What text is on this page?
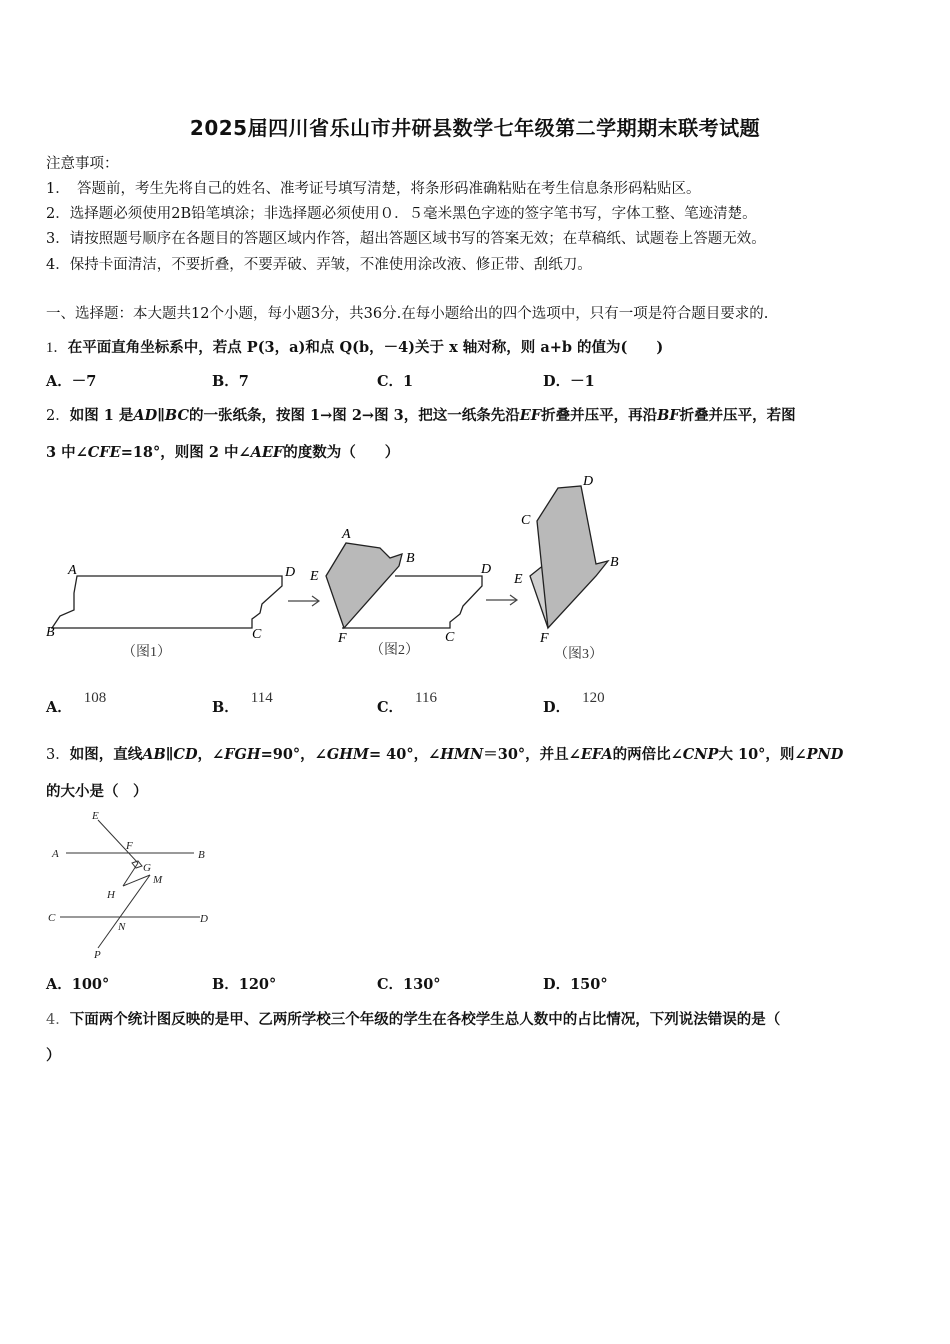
2025届四川省乐山市井研县数学七年级第二学期期末联考试题
注意事项：
1．　答题前，考生先将自己的姓名、准考证号填写清楚，将条形码准确粘贴在考生信息条形码粘贴区。
2．选择题必须使用2B铅笔填涂；非选择题必须使用０．５毫米黑色字迹的签字笔书写，字体工整、笔迹清楚。
3．请按照题号顺序在各题目的答题区域内作答，超出答题区域书写的答案无效；在草稿纸、试题卷上答题无效。
4．保持卡面清洁，不要折叠，不要弄破、弄皱，不准使用涂改液、修正带、刮纸刀。
一、选择题：本大题共12个小题，每小题3分，共36分.在每小题给出的四个选项中，只有一项是符合题目要求的.
1．在平面直角坐标系中，若点 P(3，a)和点 Q(b，－4)关于 x 轴对称，则 a+b 的值为(　　)
A．－7	B．7	C．1	D．－1
2．如图 1 是AD∥BC的一张纸条，按图 1→图 2→图 3，把这一纸条先沿EF折叠并压平，再沿BF折叠并压平，若图
3 中∠CFE=18°，则图 2 中∠AEF的度数为（　　）
A	D
B	C
（图1）
A
B
E	D
F	C
（图2）
D
C
B
E
F
（图3）
A．108
B．114
C．116
D．120
3．如图，直线AB∥CD，∠FGH=90°，∠GHM= 40°，∠HMN＝30°，并且∠EFA的两倍比∠CNP大 10°，则∠PND
的大小是（　）
E
F
A	B
G
M
H
C	D
N
P
A．100°	B．120°	C．130°	D．150°
4．下面两个统计图反映的是甲、乙两所学校三个年级的学生在各校学生总人数中的占比情况，下列说法错误的是（
）
